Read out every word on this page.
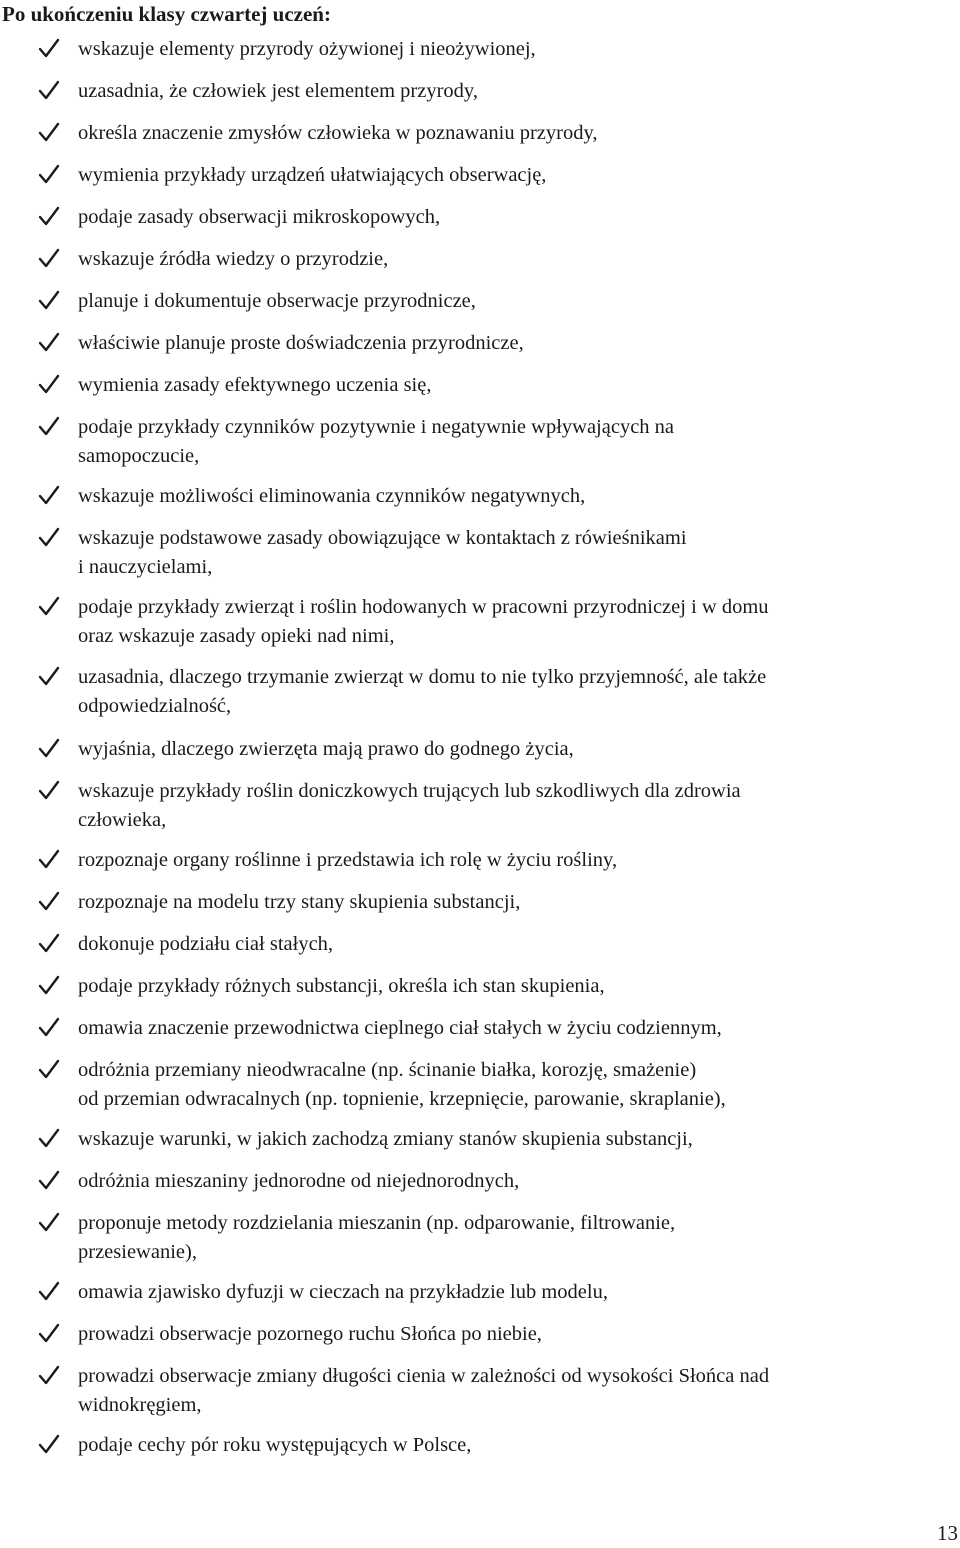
Po ukończeniu klasy czwartej uczeń:
wskazuje elementy przyrody ożywionej i nieożywionej,
uzasadnia, że człowiek jest elementem przyrody,
określa znaczenie zmysłów człowieka w poznawaniu przyrody,
wymienia przykłady urządzeń ułatwiających obserwację,
podaje zasady obserwacji mikroskopowych,
wskazuje źródła wiedzy o przyrodzie,
planuje i dokumentuje obserwacje przyrodnicze,
właściwie planuje proste doświadczenia przyrodnicze,
wymienia zasady efektywnego uczenia się,
podaje przykłady czynników pozytywnie i negatywnie wpływających na
samopoczucie,
wskazuje możliwości eliminowania czynników negatywnych,
wskazuje podstawowe zasady obowiązujące w kontaktach z rówieśnikami
i nauczycielami,
podaje przykłady zwierząt i roślin hodowanych w pracowni przyrodniczej i w domu
oraz wskazuje zasady opieki nad nimi,
uzasadnia, dlaczego trzymanie zwierząt w domu to nie tylko przyjemność, ale także
odpowiedzialność,
wyjaśnia, dlaczego zwierzęta mają prawo do godnego życia,
wskazuje przykłady roślin doniczkowych trujących lub szkodliwych dla zdrowia
człowieka,
rozpoznaje organy roślinne i przedstawia ich rolę w życiu rośliny,
rozpoznaje na modelu trzy stany skupienia substancji,
dokonuje podziału ciał stałych,
podaje przykłady różnych substancji, określa ich stan skupienia,
omawia znaczenie przewodnictwa cieplnego ciał stałych w życiu codziennym,
odróżnia przemiany nieodwracalne (np. ścinanie białka, korozję, smażenie)
od przemian odwracalnych (np. topnienie, krzepnięcie, parowanie, skraplanie),
wskazuje warunki, w jakich zachodzą zmiany stanów skupienia substancji,
odróżnia mieszaniny jednorodne od niejednorodnych,
proponuje metody rozdzielania mieszanin (np. odparowanie, filtrowanie,
przesiewanie),
omawia zjawisko dyfuzji w cieczach na przykładzie lub modelu,
prowadzi obserwacje pozornego ruchu Słońca po niebie,
prowadzi obserwacje zmiany długości cienia w zależności od wysokości Słońca nad
widnokręgiem,
podaje cechy pór roku występujących w Polsce,
13
